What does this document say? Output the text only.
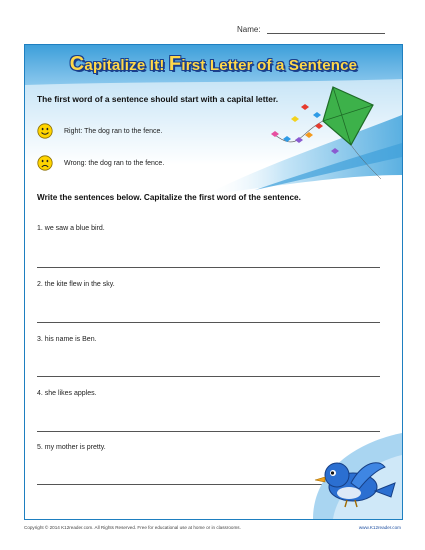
Name:
Capitalize It! First Letter of a Sentence
The first word of a sentence should start with a capital letter.
Right: The dog ran to the fence.
Wrong: the dog ran to the fence.
Write the sentences below. Capitalize the first word of the sentence.
1. we saw a blue bird.
2. the kite flew in the sky.
3. his name is Ben.
4. she likes apples.
5. my mother is pretty.
Copyright © 2014 K12reader.com. All Rights Reserved. Free for educational use at home or in classrooms.	www.K12reader.com
